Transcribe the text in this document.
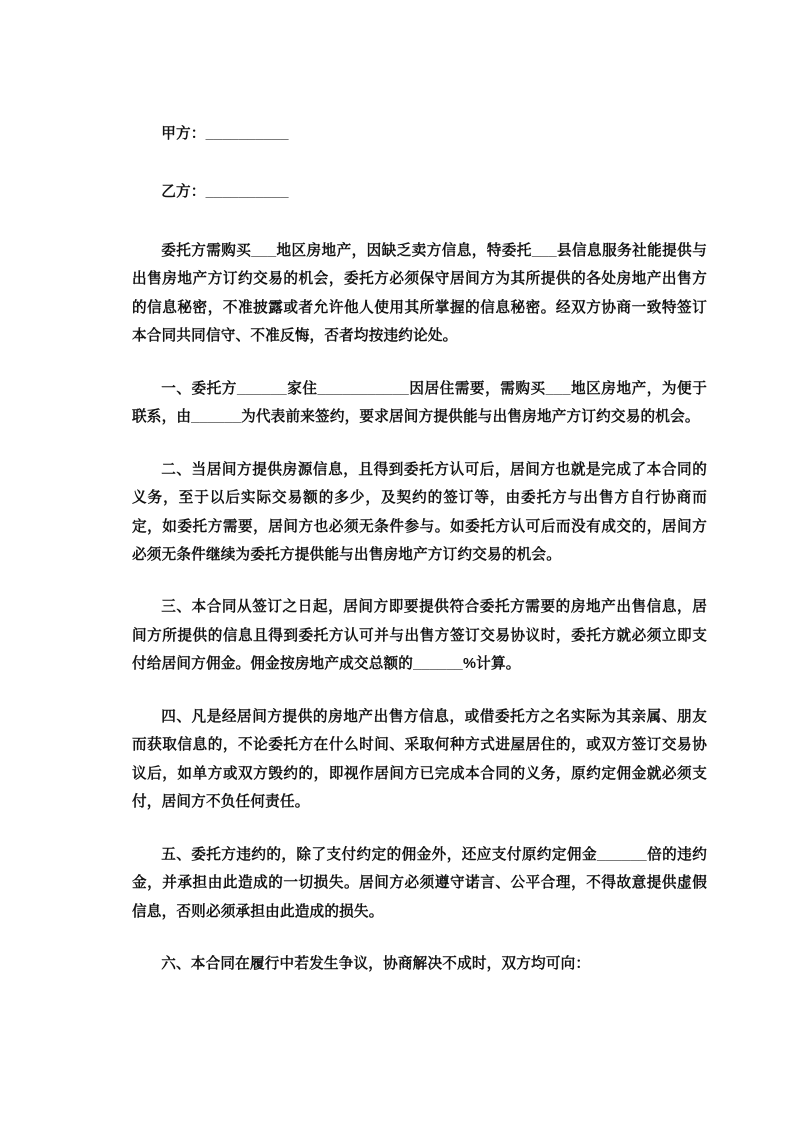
甲方：__________

乙方：__________

委托方需购买___地区房地产，因缺乏卖方信息，特委托___县信息服务社能提供与出售房地产方订约交易的机会，委托方必须保守居间方为其所提供的各处房地产出售方的信息秘密，不准披露或者允许他人使用其所掌握的信息秘密。经双方协商一致特签订本合同共同信守、不准反悔，否者均按违约论处。

一、委托方______家住___________因居住需要，需购买___地区房地产，为便于联系，由______为代表前来签约，要求居间方提供能与出售房地产方订约交易的机会。

二、当居间方提供房源信息，且得到委托方认可后，居间方也就是完成了本合同的义务，至于以后实际交易额的多少，及契约的签订等，由委托方与出售方自行协商而定，如委托方需要，居间方也必须无条件参与。如委托方认可后而没有成交的，居间方必须无条件继续为委托方提供能与出售房地产方订约交易的机会。

三、本合同从签订之日起，居间方即要提供符合委托方需要的房地产出售信息，居间方所提供的信息且得到委托方认可并与出售方签订交易协议时，委托方就必须立即支付给居间方佣金。佣金按房地产成交总额的______%计算。

四、凡是经居间方提供的房地产出售方信息，或借委托方之名实际为其亲属、朋友而获取信息的，不论委托方在什么时间、采取何种方式进屋居住的，或双方签订交易协议后，如单方或双方毁约的，即视作居间方已完成本合同的义务，原约定佣金就必须支付，居间方不负任何责任。

五、委托方违约的，除了支付约定的佣金外，还应支付原约定佣金______倍的违约金，并承担由此造成的一切损失。居间方必须遵守诺言、公平合理，不得故意提供虚假信息，否则必须承担由此造成的损失。

六、本合同在履行中若发生争议，协商解决不成时，双方均可向：
